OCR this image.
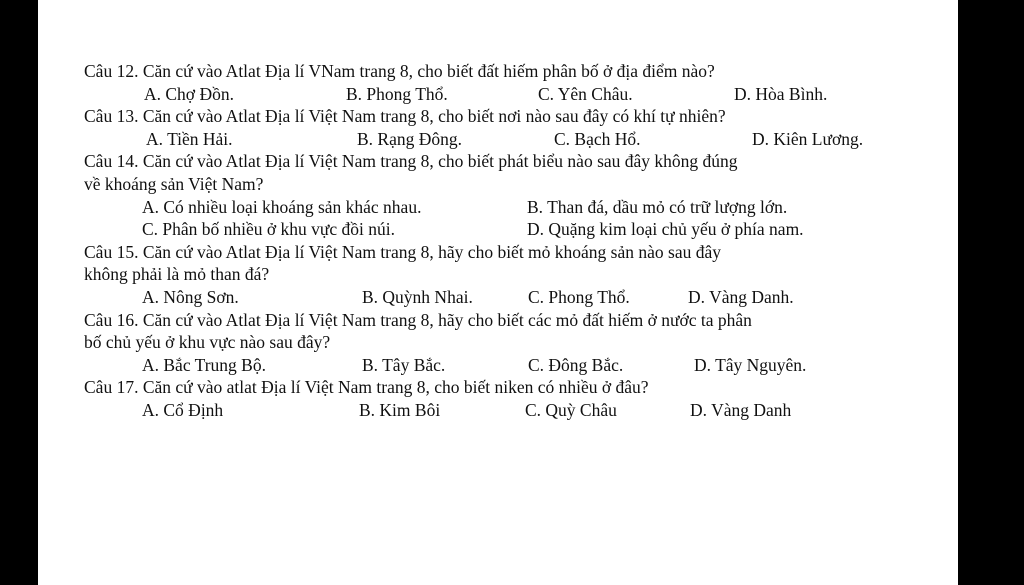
Câu 12. Căn cứ vào Atlat Địa lí VNam trang 8, cho biết đất hiếm phân bố ở địa điểm nào?
A. Chợ Đồn.	B. Phong Thổ.	C. Yên Châu.	D. Hòa Bình.
Câu 13. Căn cứ vào Atlat Địa lí Việt Nam trang 8, cho biết nơi nào sau đây có khí tự nhiên?
A. Tiền Hải.	B. Rạng Đông.	C. Bạch Hổ.	D. Kiên Lương.
Câu 14. Căn cứ vào Atlat Địa lí Việt Nam trang 8, cho biết phát biểu nào sau đây không đúng
về khoáng sản Việt Nam?
A. Có nhiều loại khoáng sản khác nhau.	B. Than đá, dầu mỏ có trữ lượng lớn.
C. Phân bố nhiều ở khu vực đồi núi.	D. Quặng kim loại chủ yếu ở phía nam.
Câu 15. Căn cứ vào Atlat Địa lí Việt Nam trang 8, hãy cho biết mỏ khoáng sản nào sau đây
không phải là mỏ than đá?
A. Nông Sơn.	B. Quỳnh Nhai.	C. Phong Thổ.	D. Vàng Danh.
Câu 16. Căn cứ vào Atlat Địa lí Việt Nam trang 8, hãy cho biết các mỏ đất hiếm ở nước ta phân
bố chủ yếu ở khu vực nào sau đây?
A. Bắc Trung Bộ.	B. Tây Bắc.	C. Đông Bắc.	D. Tây Nguyên.
Câu 17. Căn cứ vào atlat Địa lí Việt Nam trang 8, cho biết niken có nhiều ở đâu?
A. Cổ Định	B. Kim Bôi	C. Quỳ Châu	D. Vàng Danh
